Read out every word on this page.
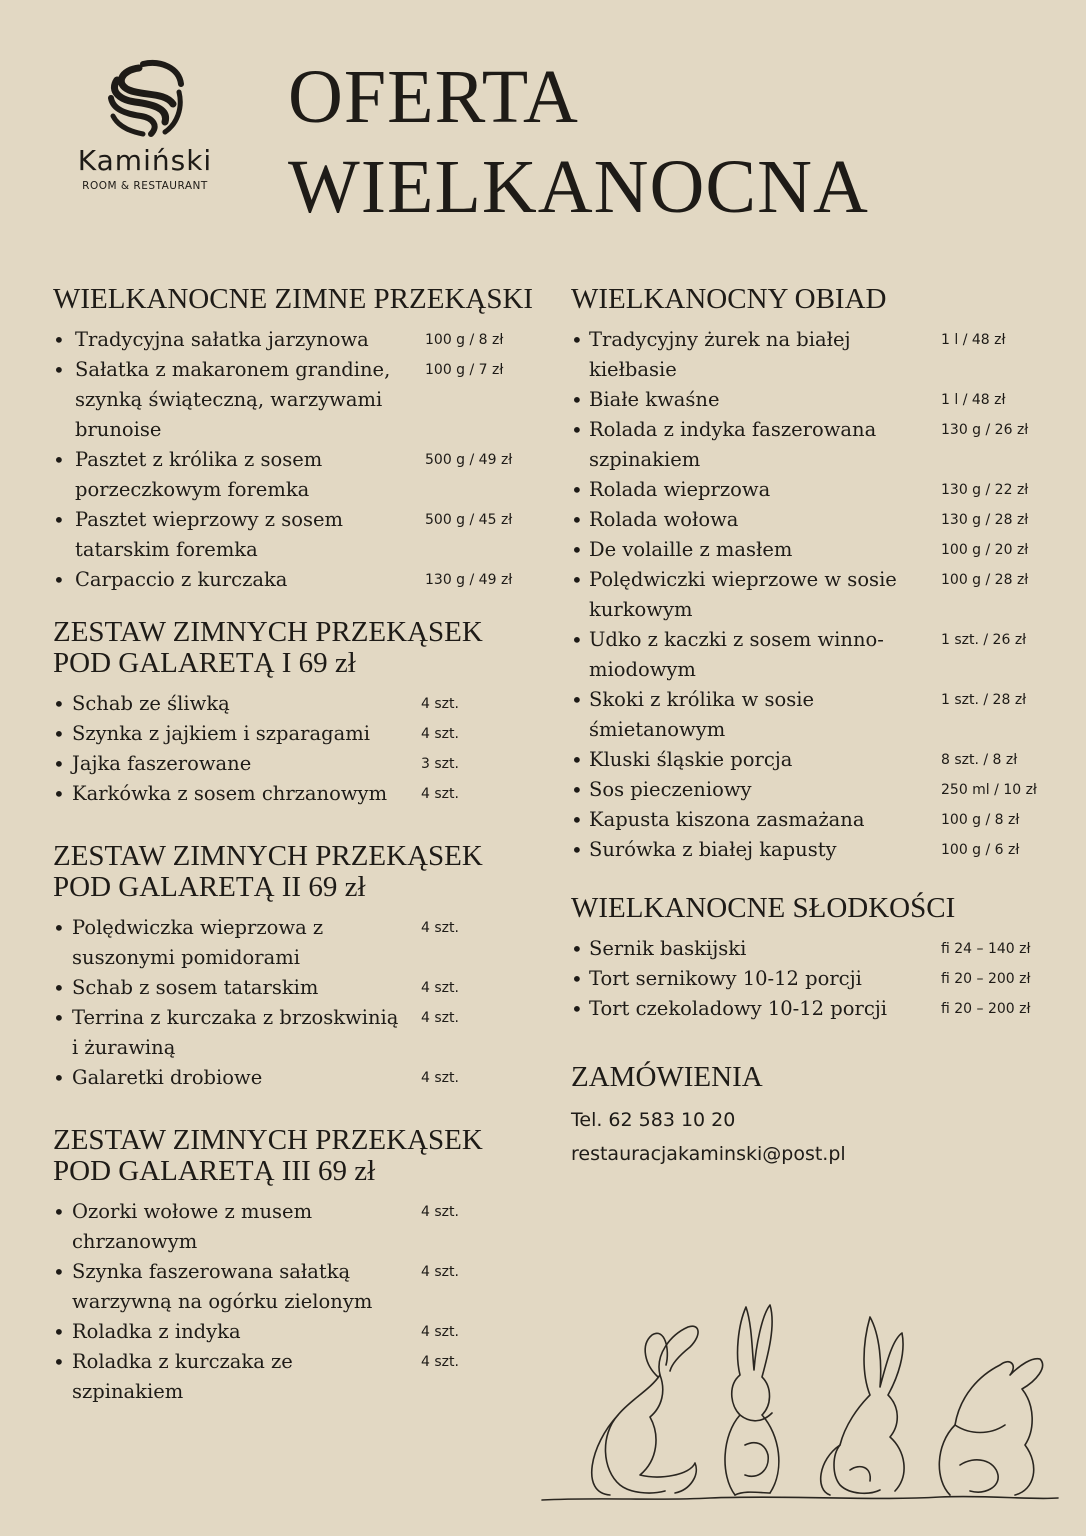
Kamiński
ROOM & RESTAURANT
OFERTA
WIELKANOCNA
WIELKANOCNE ZIMNE PRZEKĄSKI
• Tradycyjna sałatka jarzynowa	100 g / 8 zł
• Sałatka z makaronem grandine, szynką świąteczną, warzywami brunoise
100 g / 7 zł
• Pasztet z królika z sosem porzeczkowym foremka
500 g / 49 zł
• Pasztet wieprzowy z sosem tatarskim foremka
500 g / 45 zł
• Carpaccio z kurczaka	130 g / 49 zł
ZESTAW ZIMNYCH PRZEKĄSEK
POD GALARETĄ I 69 zł
• Schab ze śliwką	4 szt.
• Szynka z jajkiem i szparagami	4 szt.
• Jajka faszerowane	3 szt.
• Karkówka z sosem chrzanowym	4 szt.
ZESTAW ZIMNYCH PRZEKĄSEK
POD GALARETĄ II 69 zł
• Polędwiczka wieprzowa z suszonymi pomidorami
4 szt.
• Schab z sosem tatarskim	4 szt.
• Terrina z kurczaka z brzoskwinią i żurawiną
4 szt.
• Galaretki drobiowe	4 szt.
ZESTAW ZIMNYCH PRZEKĄSEK
POD GALARETĄ III 69 zł
• Ozorki wołowe z musem chrzanowym
4 szt.
• Szynka faszerowana sałatką warzywną na ogórku zielonym
4 szt.
• Roladka z indyka	4 szt.
• Roladka z kurczaka ze szpinakiem
4 szt.
WIELKANOCNY OBIAD
• Tradycyjny żurek na białej kiełbasie
1 l / 48 zł
• Białe kwaśne	1 l / 48 zł
• Rolada z indyka faszerowana szpinakiem
130 g / 26 zł
• Rolada wieprzowa	130 g / 22 zł
• Rolada wołowa	130 g / 28 zł
• De volaille z masłem	100 g / 20 zł
• Polędwiczki wieprzowe w sosie kurkowym
100 g / 28 zł
• Udko z kaczki z sosem winno-miodowym
1 szt. / 26 zł
• Skoki z królika w sosie śmietanowym
1 szt. / 28 zł
• Kluski śląskie porcja	8 szt. / 8 zł
• Sos pieczeniowy	250 ml / 10 zł
• Kapusta kiszona zasmażana	100 g / 8 zł
• Surówka z białej kapusty	100 g / 6 zł
WIELKANOCNE SŁODKOŚCI
• Sernik baskijski	fi 24 – 140 zł
• Tort sernikowy 10-12 porcji	fi 20 – 200 zł
• Tort czekoladowy 10-12 porcji	fi 20 – 200 zł
ZAMÓWIENIA

Tel. 62 583 10 20

restauracjakaminski@post.pl
